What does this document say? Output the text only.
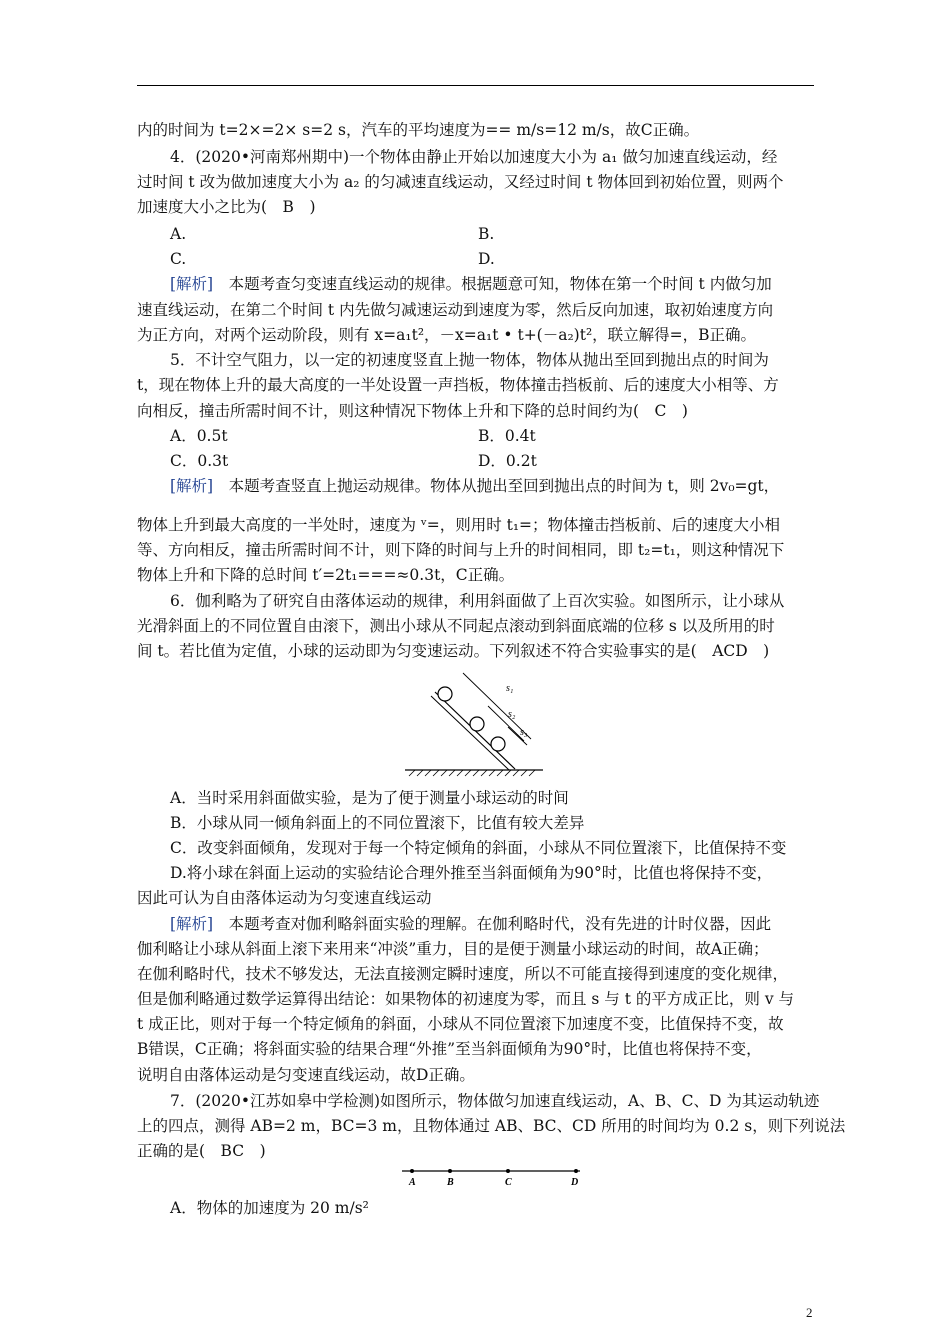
内的时间为 t=2×=2× s=2 s，汽车的平均速度为== m/s=12 m/s，故C正确。
4．(2020•河南郑州期中)一个物体由静止开始以加速度大小为 a₁ 做匀加速直线运动，经
过时间 t 改为做加速度大小为 a₂ 的匀减速直线运动，又经过时间 t 物体回到初始位置，则两个
加速度大小之比为(　B　)
A.	B.
C.	D.
[解析]　本题考查匀变速直线运动的规律。根据题意可知，物体在第一个时间 t 内做匀加
速直线运动，在第二个时间 t 内先做匀减速运动到速度为零，然后反向加速，取初始速度方向
为正方向，对两个运动阶段，则有 x=a₁t²，－x=a₁t • t+(－a₂)t²，联立解得=，B正确。
5．不计空气阻力，以一定的初速度竖直上抛一物体，物体从抛出至回到抛出点的时间为
t，现在物体上升的最大高度的一半处设置一声挡板，物体撞击挡板前、后的速度大小相等、方
向相反，撞击所需时间不计，则这种情况下物体上升和下降的总时间约为(　C　)
A．0.5t	B．0.4t
C．0.3t	D．0.2t
[解析]　本题考查竖直上抛运动规律。物体从抛出至回到抛出点的时间为 t，则 2v₀=gt，
物体上升到最大高度的一半处时，速度为 ᵛ=，则用时 t₁=；物体撞击挡板前、后的速度大小相
等、方向相反，撞击所需时间不计，则下降的时间与上升的时间相同，即 t₂=t₁，则这种情况下
物体上升和下降的总时间 t′=2t₁===≈0.3t，C正确。
6．伽利略为了研究自由落体运动的规律，利用斜面做了上百次实验。如图所示，让小球从
光滑斜面上的不同位置自由滚下，测出小球从不同起点滚动到斜面底端的位移 s 以及所用的时
间 t。若比值为定值，小球的运动即为匀变速运动。下列叙述不符合实验事实的是(　ACD　)
s₁
s₂
s₃
A．当时采用斜面做实验，是为了便于测量小球运动的时间
B．小球从同一倾角斜面上的不同位置滚下，比值有较大差异
C．改变斜面倾角，发现对于每一个特定倾角的斜面，小球从不同位置滚下，比值保持不变
D.将小球在斜面上运动的实验结论合理外推至当斜面倾角为90°时，比值也将保持不变，
因此可认为自由落体运动为匀变速直线运动
[解析]　本题考查对伽利略斜面实验的理解。在伽利略时代，没有先进的计时仪器，因此
伽利略让小球从斜面上滚下来用来“冲淡”重力，目的是便于测量小球运动的时间，故A正确；
在伽利略时代，技术不够发达，无法直接测定瞬时速度，所以不可能直接得到速度的变化规律，
但是伽利略通过数学运算得出结论：如果物体的初速度为零，而且 s 与 t 的平方成正比，则 v 与
t 成正比，则对于每一个特定倾角的斜面，小球从不同位置滚下加速度不变，比值保持不变，故
B错误，C正确；将斜面实验的结果合理“外推”至当斜面倾角为90°时，比值也将保持不变，
说明自由落体运动是匀变速直线运动，故D正确。
7．(2020•江苏如皋中学检测)如图所示，物体做匀加速直线运动，A、B、C、D 为其运动轨迹
上的四点，测得 AB=2 m，BC=3 m，且物体通过 AB、BC、CD 所用的时间均为 0.2 s，则下列说法
正确的是(　BC　)
A	B	C	D
A．物体的加速度为 20 m/s²
2
